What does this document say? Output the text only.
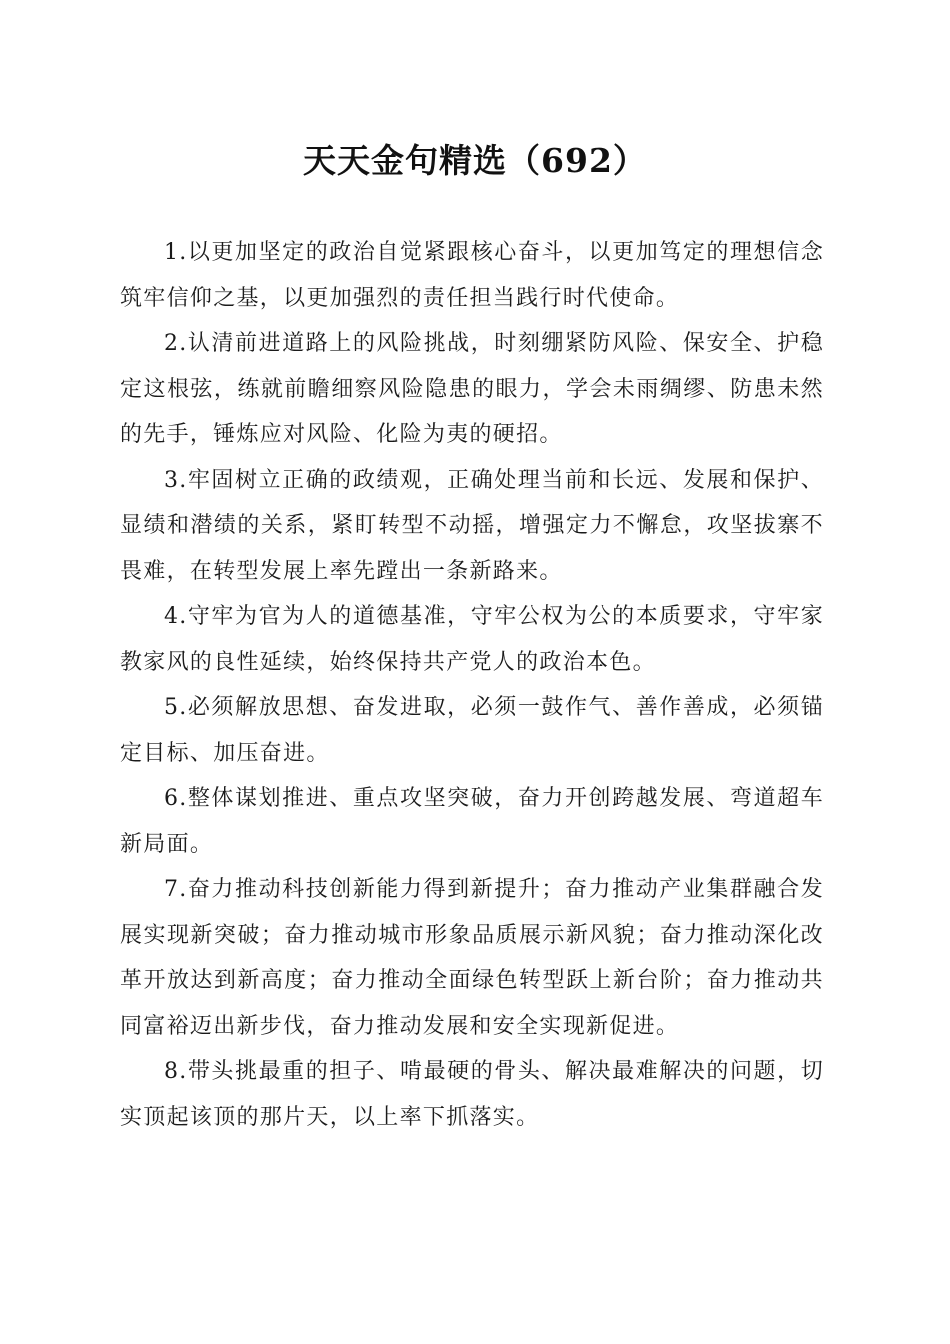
天天金句精选（692）

1.以更加坚定的政治自觉紧跟核心奋斗，以更加笃定的理想信念筑牢信仰之基，以更加强烈的责任担当践行时代使命。

2.认清前进道路上的风险挑战，时刻绷紧防风险、保安全、护稳定这根弦，练就前瞻细察风险隐患的眼力，学会未雨绸缪、防患未然的先手，锤炼应对风险、化险为夷的硬招。

3.牢固树立正确的政绩观，正确处理当前和长远、发展和保护、显绩和潜绩的关系，紧盯转型不动摇，增强定力不懈怠，攻坚拔寨不畏难，在转型发展上率先蹚出一条新路来。

4.守牢为官为人的道德基准，守牢公权为公的本质要求，守牢家教家风的良性延续，始终保持共产党人的政治本色。

5.必须解放思想、奋发进取，必须一鼓作气、善作善成，必须锚定目标、加压奋进。

6.整体谋划推进、重点攻坚突破，奋力开创跨越发展、弯道超车新局面。

7.奋力推动科技创新能力得到新提升；奋力推动产业集群融合发展实现新突破；奋力推动城市形象品质展示新风貌；奋力推动深化改革开放达到新高度；奋力推动全面绿色转型跃上新台阶；奋力推动共同富裕迈出新步伐，奋力推动发展和安全实现新促进。

8.带头挑最重的担子、啃最硬的骨头、解决最难解决的问题，切实顶起该顶的那片天，以上率下抓落实。
